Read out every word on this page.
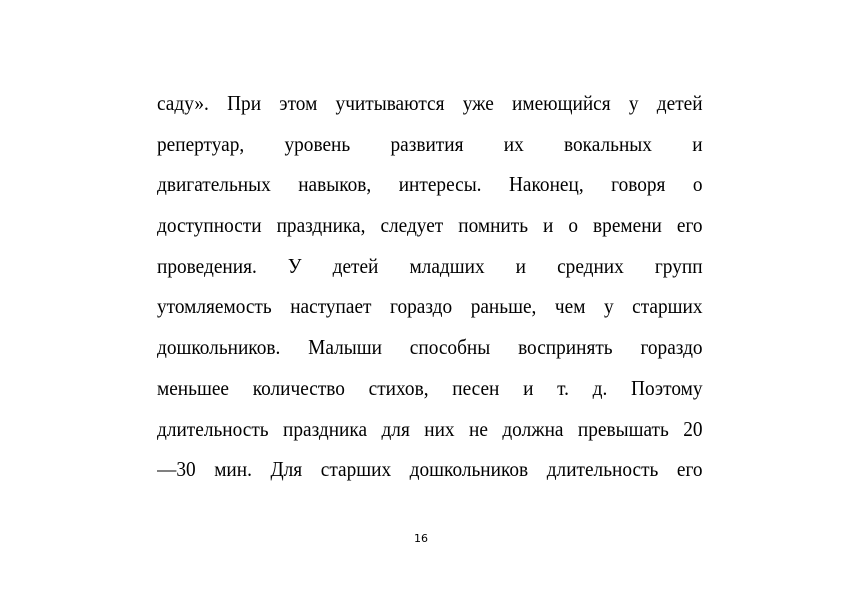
саду». При этом учитываются уже имеющийся у детей
репертуар, уровень развития их вокальных и
двигательных навыков, интересы. Наконец, говоря о
доступности праздника, следует помнить и о времени его
проведения. У детей младших и средних групп
утомляемость наступает гораздо раньше, чем у старших
дошкольников. Малыши способны воспринять гораздо
меньшее количество стихов, песен и т. д. Поэтому
длительность праздника для них не должна превышать 20
—30 мин. Для старших дошкольников длительность его
16
